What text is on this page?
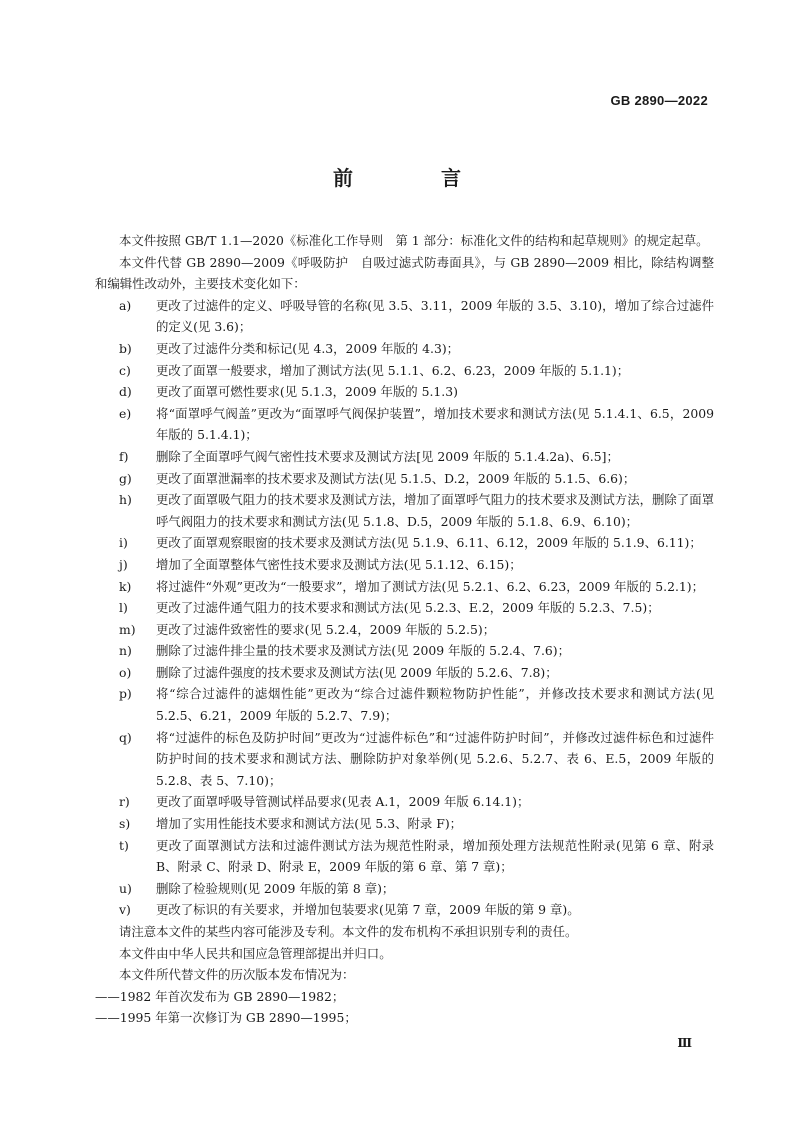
GB 2890—2022
前　言
本文件按照 GB/T 1.1—2020《标准化工作导则　第 1 部分：标准化文件的结构和起草规则》的规定起草。
本文件代替 GB 2890—2009《呼吸防护　自吸过滤式防毒面具》，与 GB 2890—2009 相比，除结构调整和编辑性改动外，主要技术变化如下：
a)	更改了过滤件的定义、呼吸导管的名称(见 3.5、3.11，2009 年版的 3.5、3.10)，增加了综合过滤件的定义(见 3.6)；
b)	更改了过滤件分类和标记(见 4.3，2009 年版的 4.3)；
c)	更改了面罩一般要求，增加了测试方法(见 5.1.1、6.2、6.23，2009 年版的 5.1.1)；
d)	更改了面罩可燃性要求(见 5.1.3，2009 年版的 5.1.3)
e)	将“面罩呼气阀盖”更改为“面罩呼气阀保护装置”，增加技术要求和测试方法(见 5.1.4.1、6.5，2009 年版的 5.1.4.1)；
f)	删除了全面罩呼气阀气密性技术要求及测试方法[见 2009 年版的 5.1.4.2a)、6.5]；
g)	更改了面罩泄漏率的技术要求及测试方法(见 5.1.5、D.2，2009 年版的 5.1.5、6.6)；
h)	更改了面罩吸气阻力的技术要求及测试方法，增加了面罩呼气阻力的技术要求及测试方法，删除了面罩呼气阀阻力的技术要求和测试方法(见 5.1.8、D.5，2009 年版的 5.1.8、6.9、6.10)；
i)	更改了面罩观察眼窗的技术要求及测试方法(见 5.1.9、6.11、6.12，2009 年版的 5.1.9、6.11)；
j)	增加了全面罩整体气密性技术要求及测试方法(见 5.1.12、6.15)；
k)	将过滤件“外观”更改为“一般要求”，增加了测试方法(见 5.2.1、6.2、6.23，2009 年版的 5.2.1)；
l)	更改了过滤件通气阻力的技术要求和测试方法(见 5.2.3、E.2，2009 年版的 5.2.3、7.5)；
m)	更改了过滤件致密性的要求(见 5.2.4，2009 年版的 5.2.5)；
n)	删除了过滤件排尘量的技术要求及测试方法(见 2009 年版的 5.2.4、7.6)；
o)	删除了过滤件强度的技术要求及测试方法(见 2009 年版的 5.2.6、7.8)；
p)	将“综合过滤件的滤烟性能”更改为“综合过滤件颗粒物防护性能”，并修改技术要求和测试方法(见 5.2.5、6.21，2009 年版的 5.2.7、7.9)；
q)	将“过滤件的标色及防护时间”更改为“过滤件标色”和“过滤件防护时间”，并修改过滤件标色和过滤件防护时间的技术要求和测试方法、删除防护对象举例(见 5.2.6、5.2.7、表 6、E.5，2009 年版的 5.2.8、表 5、7.10)；
r)	更改了面罩呼吸导管测试样品要求(见表 A.1，2009 年版 6.14.1)；
s)	增加了实用性能技术要求和测试方法(见 5.3、附录 F)；
t)	更改了面罩测试方法和过滤件测试方法为规范性附录，增加预处理方法规范性附录(见第 6 章、附录 B、附录 C、附录 D、附录 E，2009 年版的第 6 章、第 7 章)；
u)	删除了检验规则(见 2009 年版的第 8 章)；
v)	更改了标识的有关要求，并增加包装要求(见第 7 章，2009 年版的第 9 章)。
请注意本文件的某些内容可能涉及专利。本文件的发布机构不承担识别专利的责任。
本文件由中华人民共和国应急管理部提出并归口。
本文件所代替文件的历次版本发布情况为：
——1982 年首次发布为 GB 2890—1982；
——1995 年第一次修订为 GB 2890—1995；
Ⅲ
